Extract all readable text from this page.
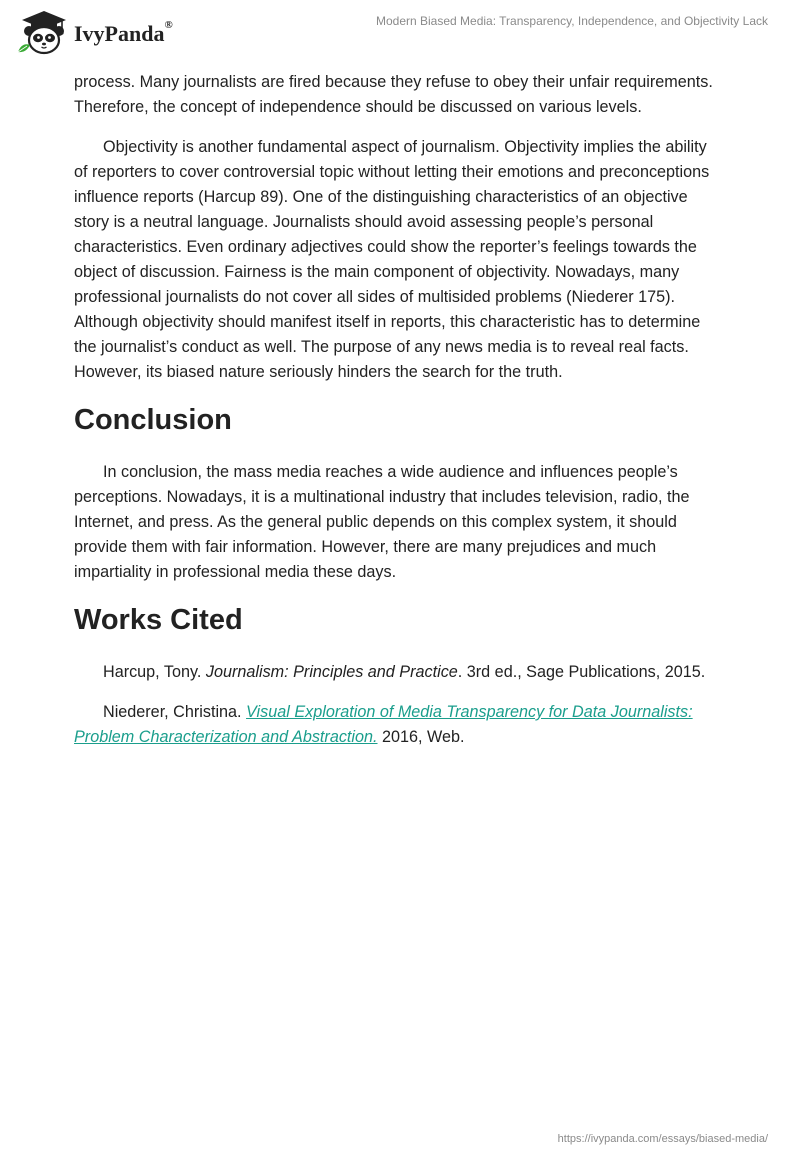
IvyPanda®	Modern Biased Media: Transparency, Independence, and Objectivity Lack

process. Many journalists are fired because they refuse to obey their unfair requirements. Therefore, the concept of independence should be discussed on various levels.

Objectivity is another fundamental aspect of journalism. Objectivity implies the ability of reporters to cover controversial topic without letting their emotions and preconceptions influence reports (Harcup 89). One of the distinguishing characteristics of an objective story is a neutral language. Journalists should avoid assessing people’s personal characteristics. Even ordinary adjectives could show the reporter’s feelings towards the object of discussion. Fairness is the main component of objectivity. Nowadays, many professional journalists do not cover all sides of multisided problems (Niederer 175). Although objectivity should manifest itself in reports, this characteristic has to determine the journalist’s conduct as well. The purpose of any news media is to reveal real facts. However, its biased nature seriously hinders the search for the truth.

Conclusion

In conclusion, the mass media reaches a wide audience and influences people’s perceptions. Nowadays, it is a multinational industry that includes television, radio, the Internet, and press. As the general public depends on this complex system, it should provide them with fair information. However, there are many prejudices and much impartiality in professional media these days.

Works Cited

Harcup, Tony. Journalism: Principles and Practice. 3rd ed., Sage Publications, 2015.

Niederer, Christina. Visual Exploration of Media Transparency for Data Journalists: Problem Characterization and Abstraction. 2016, Web.

https://ivypanda.com/essays/biased-media/
